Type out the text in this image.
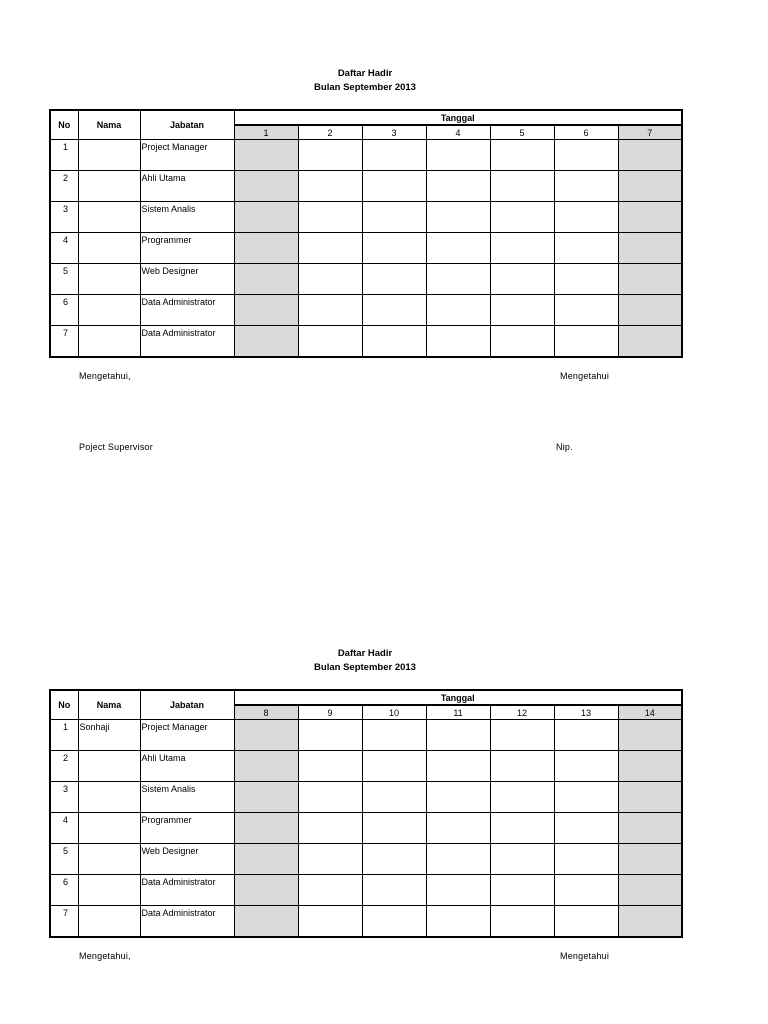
Daftar Hadir
Bulan September 2013
No	Nama	Jabatan	Tanggal						
			1	2	3	4	5	6	7
1		Project Manager							
2		Ahli Utama							
3		Sistem Analis							
4		Programmer							
5		Web Designer							
6		Data Administrator							
7		Data Administrator							
Mengetahui,	Mengetahui
Poject Supervisor	Nip.
Daftar Hadir
Bulan September 2013
No	Nama	Jabatan	Tanggal						
			8	9	10	11	12	13	14
1	Sonhaji	Project Manager							
2		Ahli Utama							
3		Sistem Analis							
4		Programmer							
5		Web Designer							
6		Data Administrator							
7		Data Administrator							
Mengetahui,	Mengetahui
